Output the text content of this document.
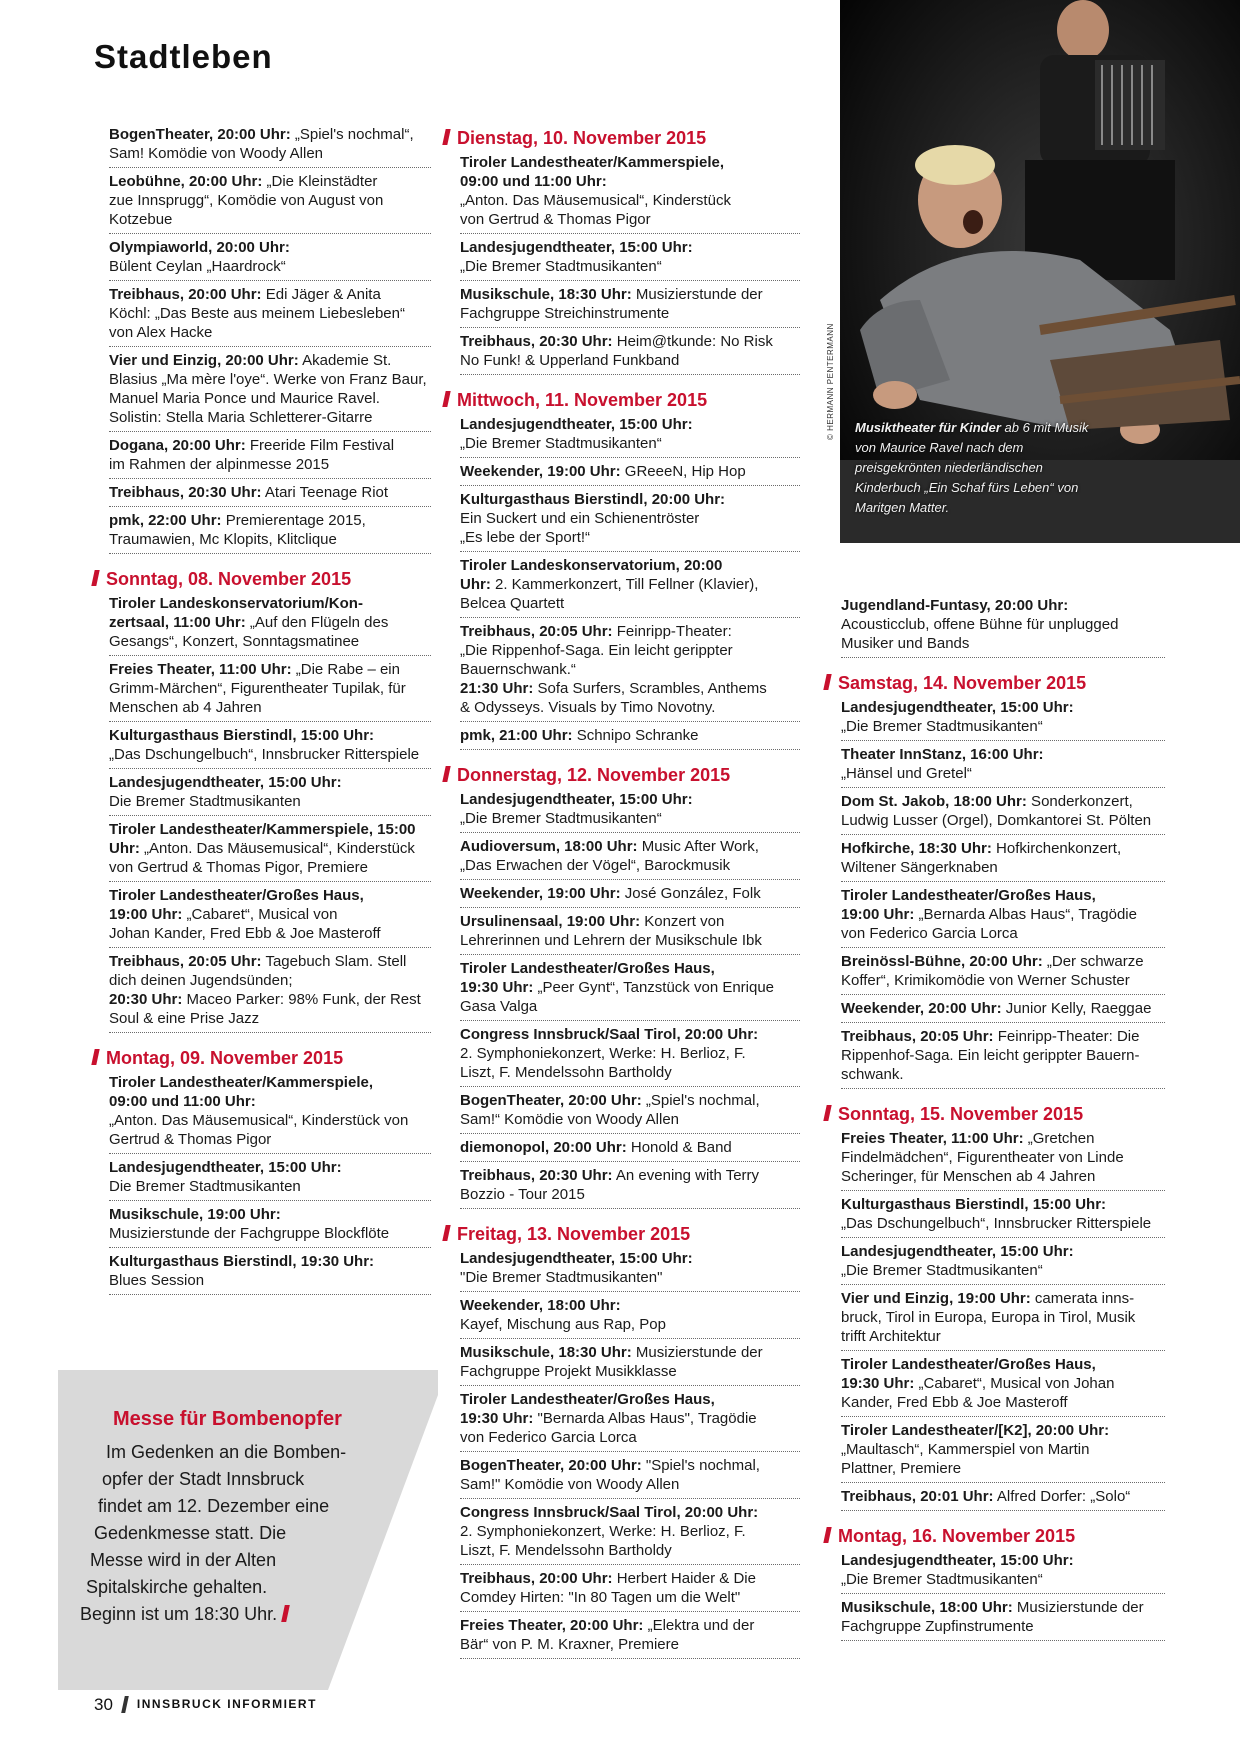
Stadtleben
BogenTheater, 20:00 Uhr: „Spiel's nochmal“,
Sam! Komödie von Woody Allen
Leobühne, 20:00 Uhr: „Die Kleinstädter
zue Innsprugg“, Komödie von August von
Kotzebue
Olympiaworld, 20:00 Uhr:
Bülent Ceylan „Haardrock“
Treibhaus, 20:00 Uhr: Edi Jäger & Anita
Köchl: „Das Beste aus meinem Liebesleben“
von Alex Hacke
Vier und Einzig, 20:00 Uhr: Akademie St.
Blasius „Ma mère l'oye“. Werke von Franz Baur,
Manuel Maria Ponce und Maurice Ravel.
Solistin: Stella Maria Schletterer-Gitarre
Dogana, 20:00 Uhr: Freeride Film Festival
im Rahmen der alpinmesse 2015
Treibhaus, 20:30 Uhr: Atari Teenage Riot
pmk, 22:00 Uhr: Premierentage 2015,
Traumawien, Mc Klopits, Klitclique
Sonntag, 08. November 2015
Tiroler Landeskonservatorium/Kon-
zertsaal, 11:00 Uhr: „Auf den Flügeln des
Gesangs“, Konzert, Sonntagsmatinee
Freies Theater, 11:00 Uhr: „Die Rabe – ein
Grimm-Märchen“, Figurentheater Tupilak, für
Menschen ab 4 Jahren
Kulturgasthaus Bierstindl, 15:00 Uhr:
„Das Dschungelbuch“, Innsbrucker Ritterspiele
Landesjugendtheater, 15:00 Uhr:
Die Bremer Stadtmusikanten
Tiroler Landestheater/Kammerspiele, 15:00
Uhr: „Anton. Das Mäusemusical“, Kinderstück
von Gertrud & Thomas Pigor, Premiere
Tiroler Landestheater/Großes Haus,
19:00 Uhr: „Cabaret“, Musical von
Johan Kander, Fred Ebb & Joe Masteroff
Treibhaus, 20:05 Uhr: Tagebuch Slam. Stell
dich deinen Jugendsünden;
20:30 Uhr: Maceo Parker: 98% Funk, der Rest
Soul & eine Prise Jazz
Montag, 09. November 2015
Tiroler Landestheater/Kammerspiele,
09:00 und 11:00 Uhr:
„Anton. Das Mäusemusical“, Kinderstück von
Gertrud & Thomas Pigor
Landesjugendtheater, 15:00 Uhr:
Die Bremer Stadtmusikanten
Musikschule, 19:00 Uhr:
Musizierstunde der Fachgruppe Blockflöte
Kulturgasthaus Bierstindl, 19:30 Uhr:
Blues Session
Dienstag, 10. November 2015
Tiroler Landestheater/Kammerspiele,
09:00 und 11:00 Uhr:
„Anton. Das Mäusemusical“, Kinderstück
von Gertrud & Thomas Pigor
Landesjugendtheater, 15:00 Uhr:
„Die Bremer Stadtmusikanten“
Musikschule, 18:30 Uhr: Musizierstunde der
Fachgruppe Streichinstrumente
Treibhaus, 20:30 Uhr: Heim@tkunde: No Risk
No Funk! & Upperland Funkband
Mittwoch, 11. November 2015
Landesjugendtheater, 15:00 Uhr:
„Die Bremer Stadtmusikanten“
Weekender, 19:00 Uhr: GReeeN, Hip Hop
Kulturgasthaus Bierstindl, 20:00 Uhr:
Ein Suckert und ein Schienentröster
„Es lebe der Sport!“
Tiroler Landeskonservatorium, 20:00
Uhr: 2. Kammerkonzert, Till Fellner (Klavier),
Belcea Quartett
Treibhaus, 20:05 Uhr: Feinripp-Theater:
„Die Rippenhof-Saga. Ein leicht gerippter
Bauernschwank.“
21:30 Uhr: Sofa Surfers, Scrambles, Anthems
& Odysseys. Visuals by Timo Novotny.
pmk, 21:00 Uhr: Schnipo Schranke
Donnerstag, 12. November 2015
Landesjugendtheater, 15:00 Uhr:
„Die Bremer Stadtmusikanten“
Audioversum, 18:00 Uhr: Music After Work,
„Das Erwachen der Vögel“, Barockmusik
Weekender, 19:00 Uhr: José González, Folk
Ursulinensaal, 19:00 Uhr: Konzert von
Lehrerinnen und Lehrern der Musikschule Ibk
Tiroler Landestheater/Großes Haus,
19:30 Uhr: „Peer Gynt“, Tanzstück von Enrique
Gasa Valga
Congress Innsbruck/Saal Tirol, 20:00 Uhr:
2. Symphoniekonzert, Werke: H. Berlioz, F.
Liszt, F. Mendelssohn Bartholdy
BogenTheater, 20:00 Uhr: „Spiel's nochmal,
Sam!“ Komödie von Woody Allen
diemonopol, 20:00 Uhr: Honold & Band
Treibhaus, 20:30 Uhr: An evening with Terry
Bozzio - Tour 2015
Freitag, 13. November 2015
Landesjugendtheater, 15:00 Uhr:
"Die Bremer Stadtmusikanten"
Weekender, 18:00 Uhr:
Kayef, Mischung aus Rap, Pop
Musikschule, 18:30 Uhr: Musizierstunde der
Fachgruppe Projekt Musikklasse
Tiroler Landestheater/Großes Haus,
19:30 Uhr: "Bernarda Albas Haus", Tragödie
von Federico Garcia Lorca
BogenTheater, 20:00 Uhr: "Spiel's nochmal,
Sam!" Komödie von Woody Allen
Congress Innsbruck/Saal Tirol, 20:00 Uhr:
2. Symphoniekonzert, Werke: H. Berlioz, F.
Liszt, F. Mendelssohn Bartholdy
Treibhaus, 20:00 Uhr: Herbert Haider & Die
Comdey Hirten: "In 80 Tagen um die Welt"
Freies Theater, 20:00 Uhr: „Elektra und der
Bär“ von P. M. Kraxner, Premiere
Jugendland-Funtasy, 20:00 Uhr:
Acousticclub, offene Bühne für unplugged
Musiker und Bands
Samstag, 14. November 2015
Landesjugendtheater, 15:00 Uhr:
„Die Bremer Stadtmusikanten“
Theater InnStanz, 16:00 Uhr:
„Hänsel und Gretel“
Dom St. Jakob, 18:00 Uhr: Sonderkonzert,
Ludwig Lusser (Orgel), Domkantorei St. Pölten
Hofkirche, 18:30 Uhr: Hofkirchenkonzert,
Wiltener Sängerknaben
Tiroler Landestheater/Großes Haus,
19:00 Uhr: „Bernarda Albas Haus“, Tragödie
von Federico Garcia Lorca
Breinössl-Bühne, 20:00 Uhr: „Der schwarze
Koffer“, Krimikomödie von Werner Schuster
Weekender, 20:00 Uhr: Junior Kelly, Raeggae
Treibhaus, 20:05 Uhr: Feinripp-Theater: Die
Rippenhof-Saga. Ein leicht gerippter Bauern-
schwank.
Sonntag, 15. November 2015
Freies Theater, 11:00 Uhr: „Gretchen
Findelmädchen“, Figurentheater von Linde
Scheringer, für Menschen ab 4 Jahren
Kulturgasthaus Bierstindl, 15:00 Uhr:
„Das Dschungelbuch“, Innsbrucker Ritterspiele
Landesjugendtheater, 15:00 Uhr:
„Die Bremer Stadtmusikanten“
Vier und Einzig, 19:00 Uhr: camerata inns-
bruck, Tirol in Europa, Europa in Tirol, Musik
trifft Architektur
Tiroler Landestheater/Großes Haus,
19:30 Uhr: „Cabaret“, Musical von Johan
Kander, Fred Ebb & Joe Masteroff
Tiroler Landestheater/[K2], 20:00 Uhr:
„Maultasch“, Kammerspiel von Martin
Plattner, Premiere
Treibhaus, 20:01 Uhr: Alfred Dorfer: „Solo“
Montag, 16. November 2015
Landesjugendtheater, 15:00 Uhr:
„Die Bremer Stadtmusikanten“
Musikschule, 18:00 Uhr: Musizierstunde der
Fachgruppe Zupfinstrumente
Musiktheater für Kinder ab 6 mit Musik von Maurice Ravel nach dem preisgekrönten niederländischen Kinderbuch „Ein Schaf fürs Leben“ von Maritgen Matter.
© HERMANN PENTERMANN
Messe für Bombenopfer
Im Gedenken an die Bomben-
opfer der Stadt Innsbruck
findet am 12. Dezember eine
Gedenkmesse statt. Die
Messe wird in der Alten
Spitalskirche gehalten.
Beginn ist um 18:30 Uhr.
30 INNSBRUCK INFORMIERT
